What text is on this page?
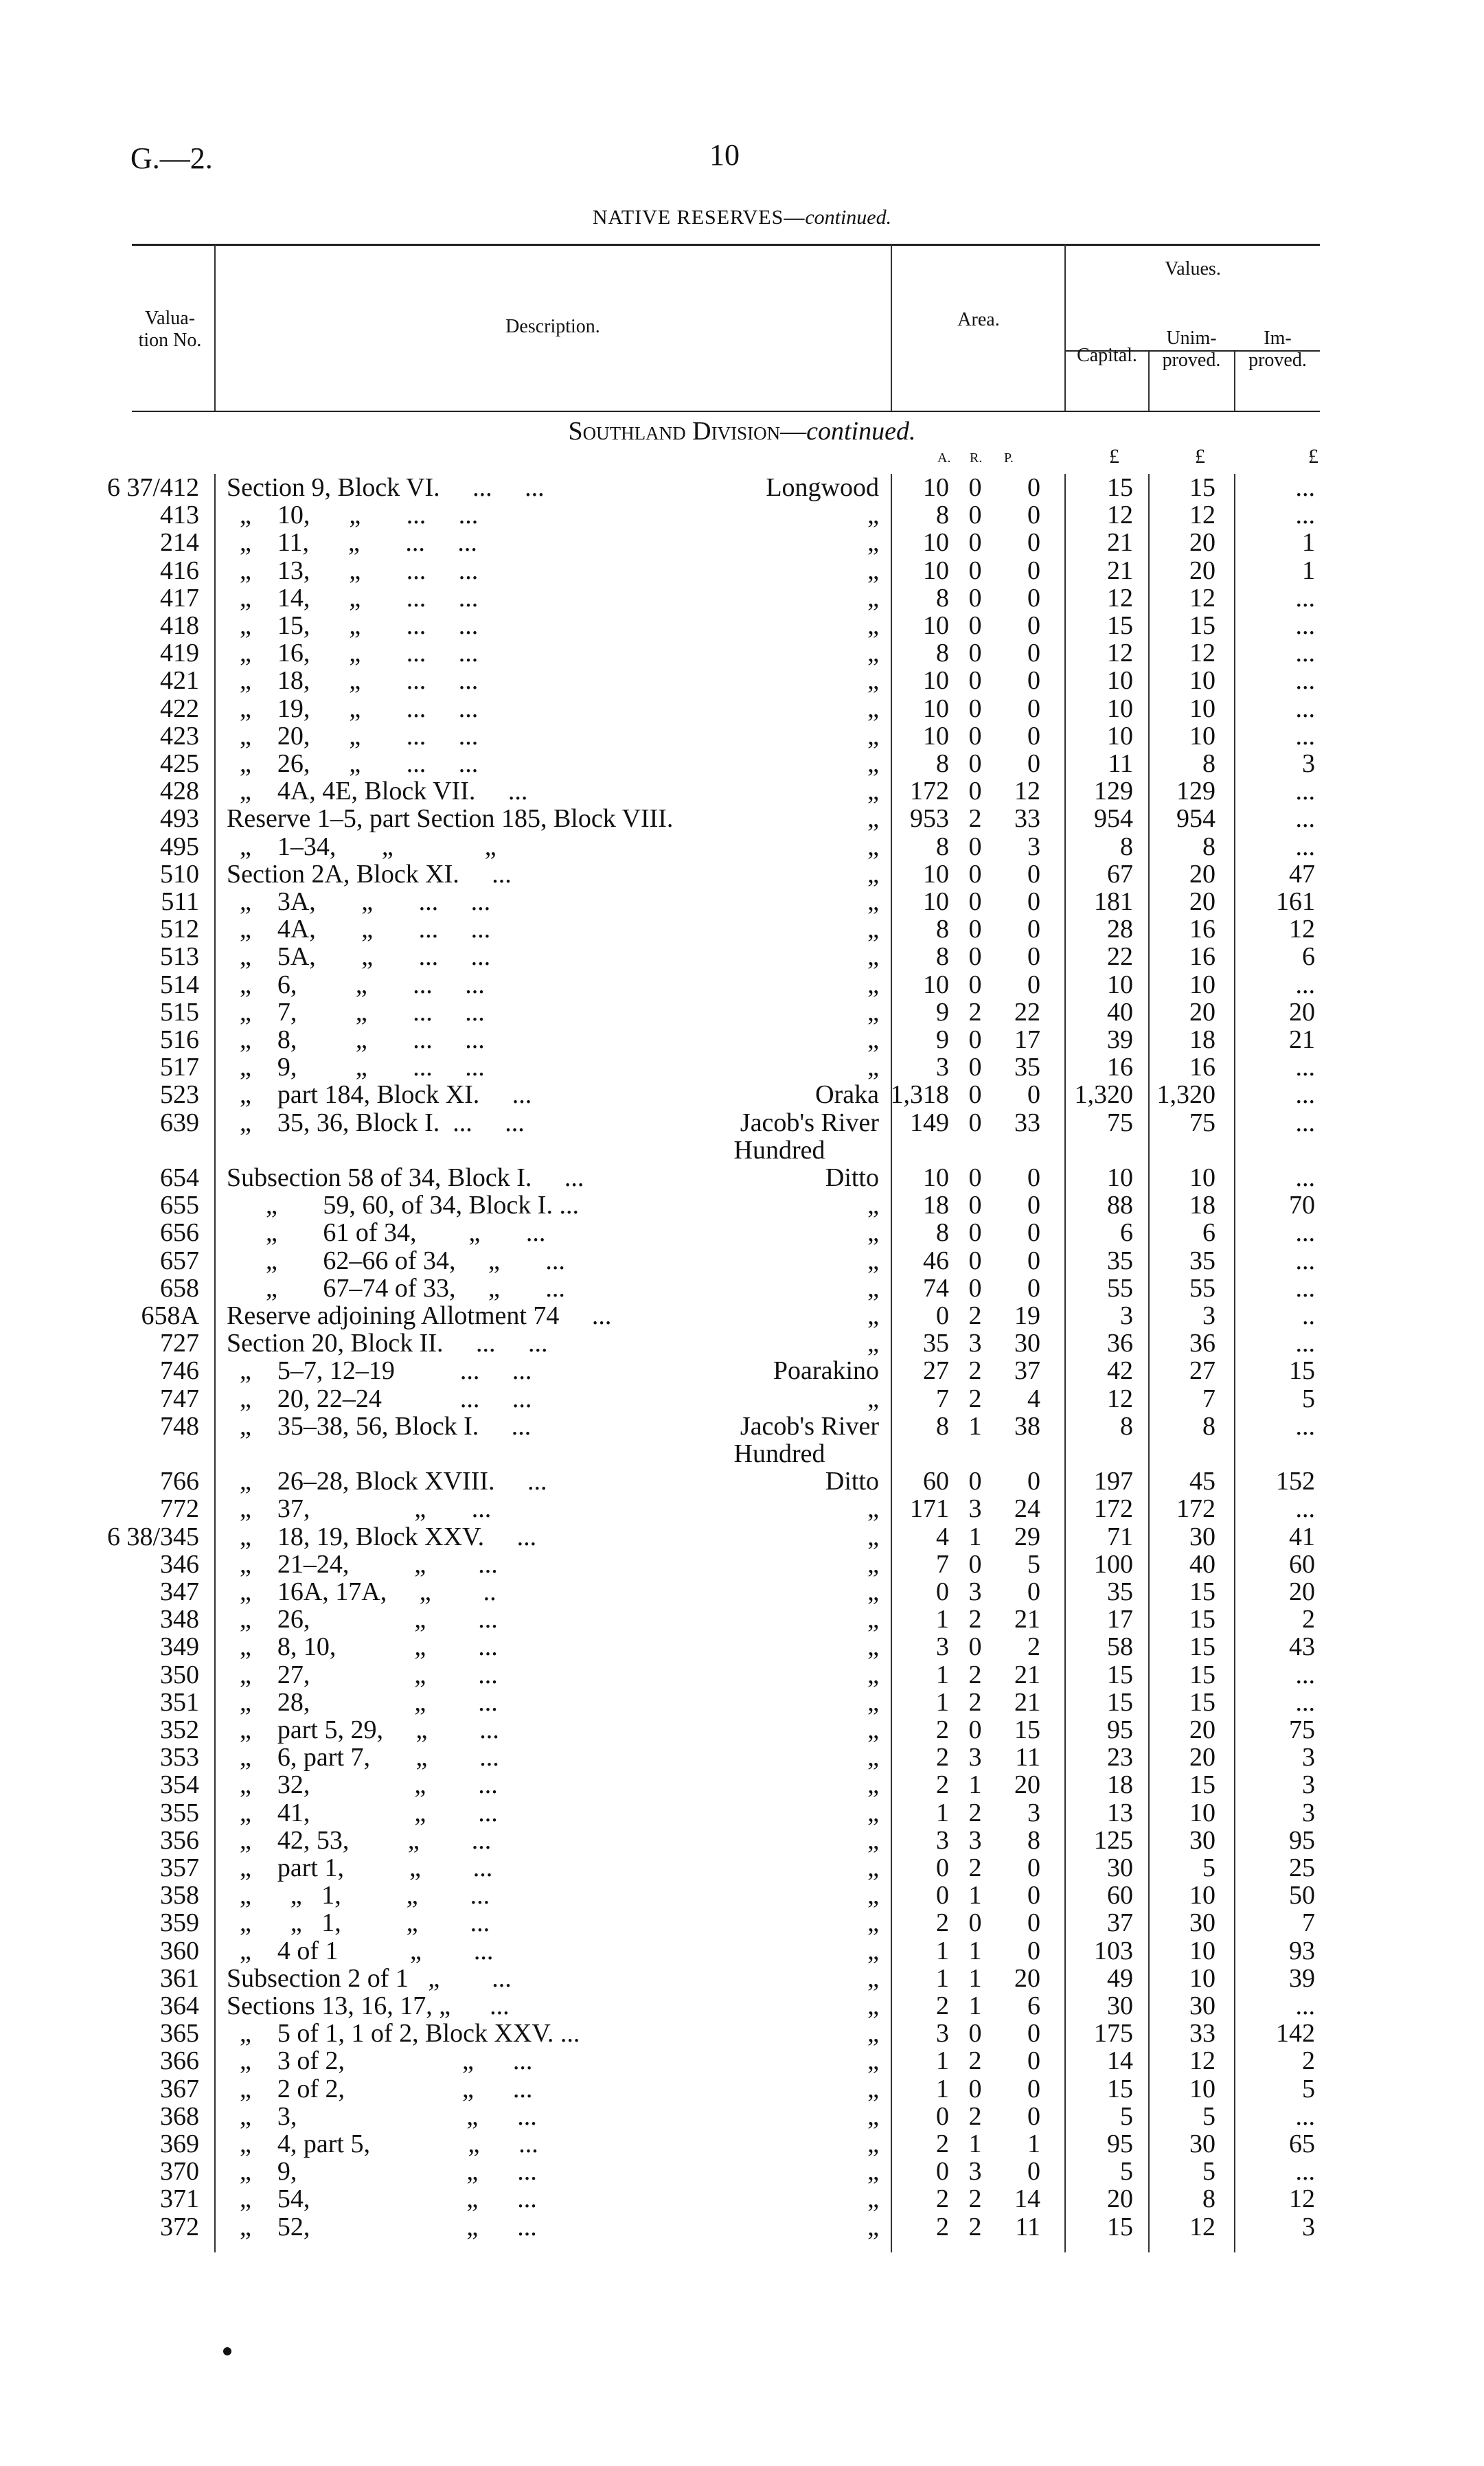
G.—2.	10
NATIVE RESERVES—continued.
Valua-
tion No.
Description.	Area.
Values.
Capital.
Unim-
proved.
Im-
proved.
Southland Division—continued.
A. R. P.	£	£	£
6 37/412 Section 9, Block VI.     ...     ...	Longwood	10 0	0	15	15	...
413 „    10,      „       ...     ...	„	8 0	0	12	12	...
214 „    11,      „       ...     ...	„	10 0	0	21	20	1
416 „    13,      „       ...     ...	„	10 0	0	21	20	1
417 „    14,      „       ...     ...	„	8 0	0	12	12	...
418 „    15,      „       ...     ...	„	10 0	0	15	15	...
419 „    16,      „       ...     ...	„	8 0	0	12	12	...
421 „    18,      „       ...     ...	„	10 0	0	10	10	...
422 „    19,      „       ...     ...	„	10 0	0	10	10	...
423 „    20,      „       ...     ...	„	10 0	0	10	10	...
425 „    26,      „       ...     ...	„	8 0	0	11	8	3
428 „    4A, 4E, Block VII.     ...	„	172 0	12	129	129	...
493 Reserve 1–5, part Section 185, Block VIII.	„	953 2	33	954	954	...
495 „    1–34,       „              „	„	8 0	3	8	8	...
510 Section 2A, Block XI.     ...	„	10 0	0	67	20	47
511 „    3A,       „       ...     ...	„	10 0	0	181	20	161
512 „    4A,       „       ...     ...	„	8 0	0	28	16	12
513 „    5A,       „       ...     ...	„	8 0	0	22	16	6
514 „    6,         „       ...     ...	„	10 0	0	10	10	...
515 „    7,         „       ...     ...	„	9 2	22	40	20	20
516 „    8,         „       ...     ...	„	9 0	17	39	18	21
517 „    9,         „       ...     ...	„	3 0	35	16	16	...
523 „    part 184, Block XI.     ...	Oraka 1,318 0	0	1,320 1,320	...
639 „    35, 36, Block I.  ...     ...	Jacob's River	149 0	33	75	75	...
Hundred
654 Subsection 58 of 34, Block I.     ...	Ditto	10 0	0	10	10	...
655 „       59, 60, of 34, Block I. ...	„	18 0	0	88	18	70
656 „       61 of 34,        „       ...	„	8 0	0	6	6	...
657 „       62–66 of 34,     „       ...	„	46 0	0	35	35	...
658 „       67–74 of 33,     „       ...	„	74 0	0	55	55	...
658A Reserve adjoining Allotment 74     ...	„	0 2	19	3	3	..
727 Section 20, Block II.     ...     ...	„	35 3	30	36	36	...
746 „    5–7, 12–19          ...     ...	Poarakino	27 2	37	42	27	15
747 „    20, 22–24            ...     ...	„	7 2	4	12	7	5
748 „    35–38, 56, Block I.     ...	Jacob's River	8 1	38	8	8	...
Hundred
766 „    26–28, Block XVIII.     ...	Ditto	60 0	0	197	45	152
772 „    37,                „       ...	„	171 3	24	172	172	...
6 38/345 „    18, 19, Block XXV.     ...	„	4 1	29	71	30	41
346 „    21–24,          „        ...	„	7 0	5	100	40	60
347 „    16A, 17A,     „        ..	„	0 3	0	35	15	20
348 „    26,                „        ...	„	1 2	21	17	15	2
349 „    8, 10,            „        ...	„	3 0	2	58	15	43
350 „    27,                „        ...	„	1 2	21	15	15	...
351 „    28,                „        ...	„	1 2	21	15	15	...
352 „    part 5, 29,     „        ...	„	2 0	15	95	20	75
353 „    6, part 7,       „        ...	„	2 3	11	23	20	3
354 „    32,                „        ...	„	2 1	20	18	15	3
355 „    41,                „        ...	„	1 2	3	13	10	3
356 „    42, 53,         „        ...	„	3 3	8	125	30	95
357 „    part 1,          „        ...	„	0 2	0	30	5	25
358 „      „   1,          „        ...	„	0 1	0	60	10	50
359 „      „   1,          „        ...	„	2 0	0	37	30	7
360 „    4 of 1           „        ...	„	1 1	0	103	10	93
361 Subsection 2 of 1   „        ...	„	1 1	20	49	10	39
364 Sections 13, 16, 17, „      ...	„	2 1	6	30	30	...
365 „    5 of 1, 1 of 2, Block XXV. ...	„	3 0	0	175	33	142
366 „    3 of 2,                  „      ...	„	1 2	0	14	12	2
367 „    2 of 2,                  „      ...	„	1 0	0	15	10	5
368 „    3,                          „      ...	„	0 2	0	5	5	...
369 „    4, part 5,               „      ...	„	2 1	1	95	30	65
370 „    9,                          „      ...	„	0 3	0	5	5	...
371 „    54,                        „      ...	„	2 2	14	20	8	12
372 „    52,                        „      ...	„	2 2	11	15	12	3
